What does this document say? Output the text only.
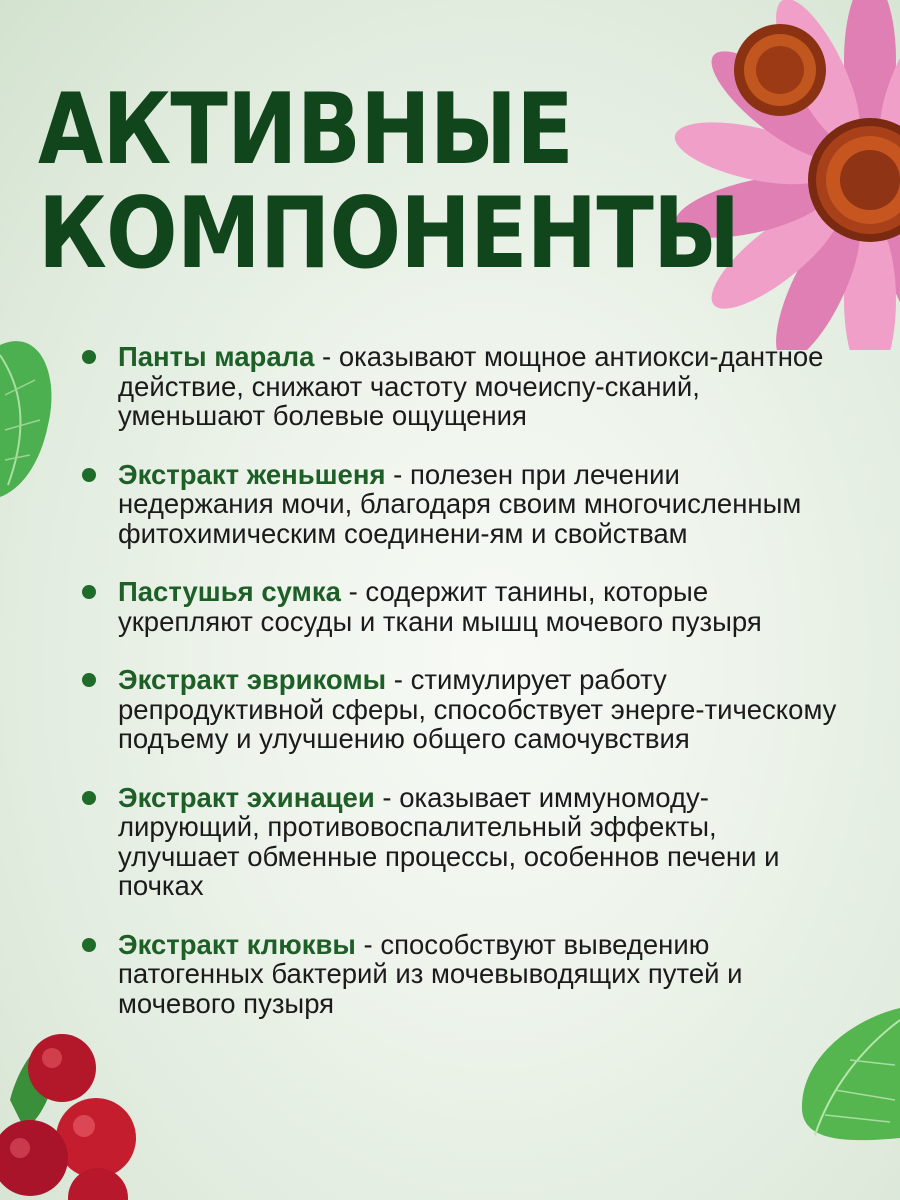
АКТИВНЫЕ
КОМПОНЕНТЫ
Панты марала - оказывают мощное антиокси-дантное действие, снижают частоту мочеиспу-сканий, уменьшают болевые ощущения
Экстракт женьшеня - полезен при лечении недержания мочи, благодаря своим многочисленным фитохимическим соединени-ям и свойствам
Пастушья сумка - содержит танины, которые укрепляют сосуды и ткани мышц мочевого пузыря
Экстракт эврикомы - стимулирует работу репродуктивной сферы, способствует энерге-тическому подъему и улучшению общего самочувствия
Экстракт эхинацеи - оказывает иммуномоду-лирующий, противовоспалительный эффекты, улучшает обменные процессы, особеннов печени и почках
Экстракт клюквы - способствуют выведению патогенных бактерий из мочевыводящих путей и мочевого пузыря
